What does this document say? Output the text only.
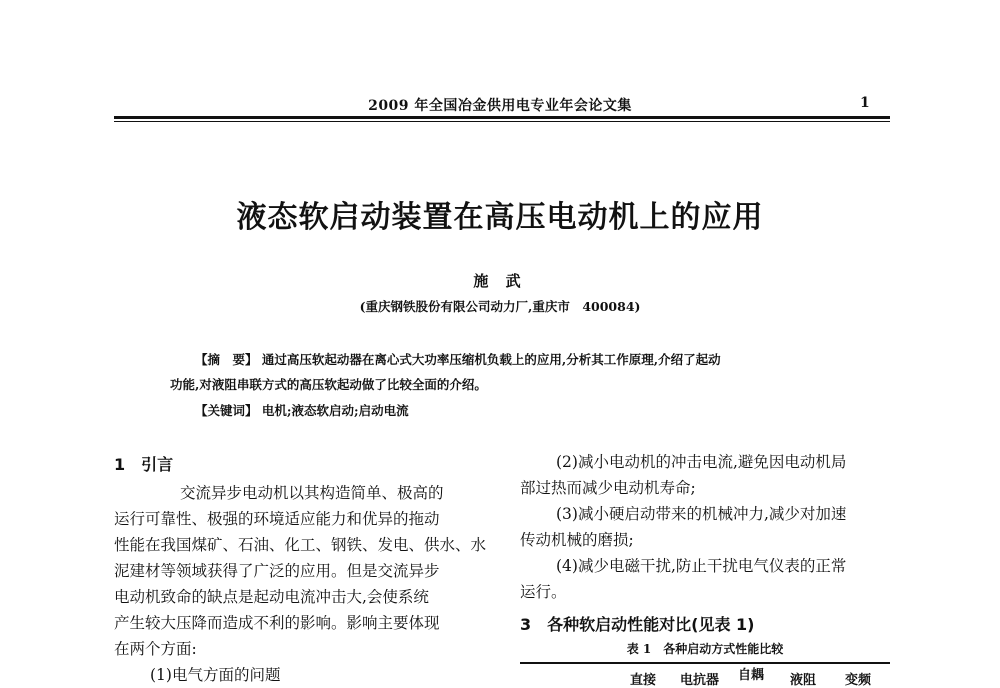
2009 年全国冶金供用电专业年会论文集	1
液态软启动装置在高压电动机上的应用
施 武
(重庆钢铁股份有限公司动力厂,重庆市　400084)
【摘　要】 通过高压软起动器在离心式大功率压缩机负载上的应用,分析其工作原理,介绍了起动
功能,对液阻串联方式的高压软起动做了比较全面的介绍。
【关键词】 电机;液态软启动;启动电流
1　引言
交流异步电动机以其构造简单、极高的
运行可靠性、极强的环境适应能力和优异的拖动
性能在我国煤矿、石油、化工、钢铁、发电、供水、水
泥建材等领域获得了广泛的应用。但是交流异步
电动机致命的缺点是起动电流冲击大,会使系统
产生较大压降而造成不利的影响。影响主要体现
在两个方面:
(1)电气方面的问题
(2)减小电动机的冲击电流,避免因电动机局
部过热而减少电动机寿命;
(3)减小硬启动带来的机械冲力,减少对加速
传动机械的磨损;
(4)减少电磁干扰,防止干扰电气仪表的正常
运行。
3　各种软启动性能对比(见表 1)
表 1　各种启动方式性能比较
直接 电抗器 自耦 液阻 变频
